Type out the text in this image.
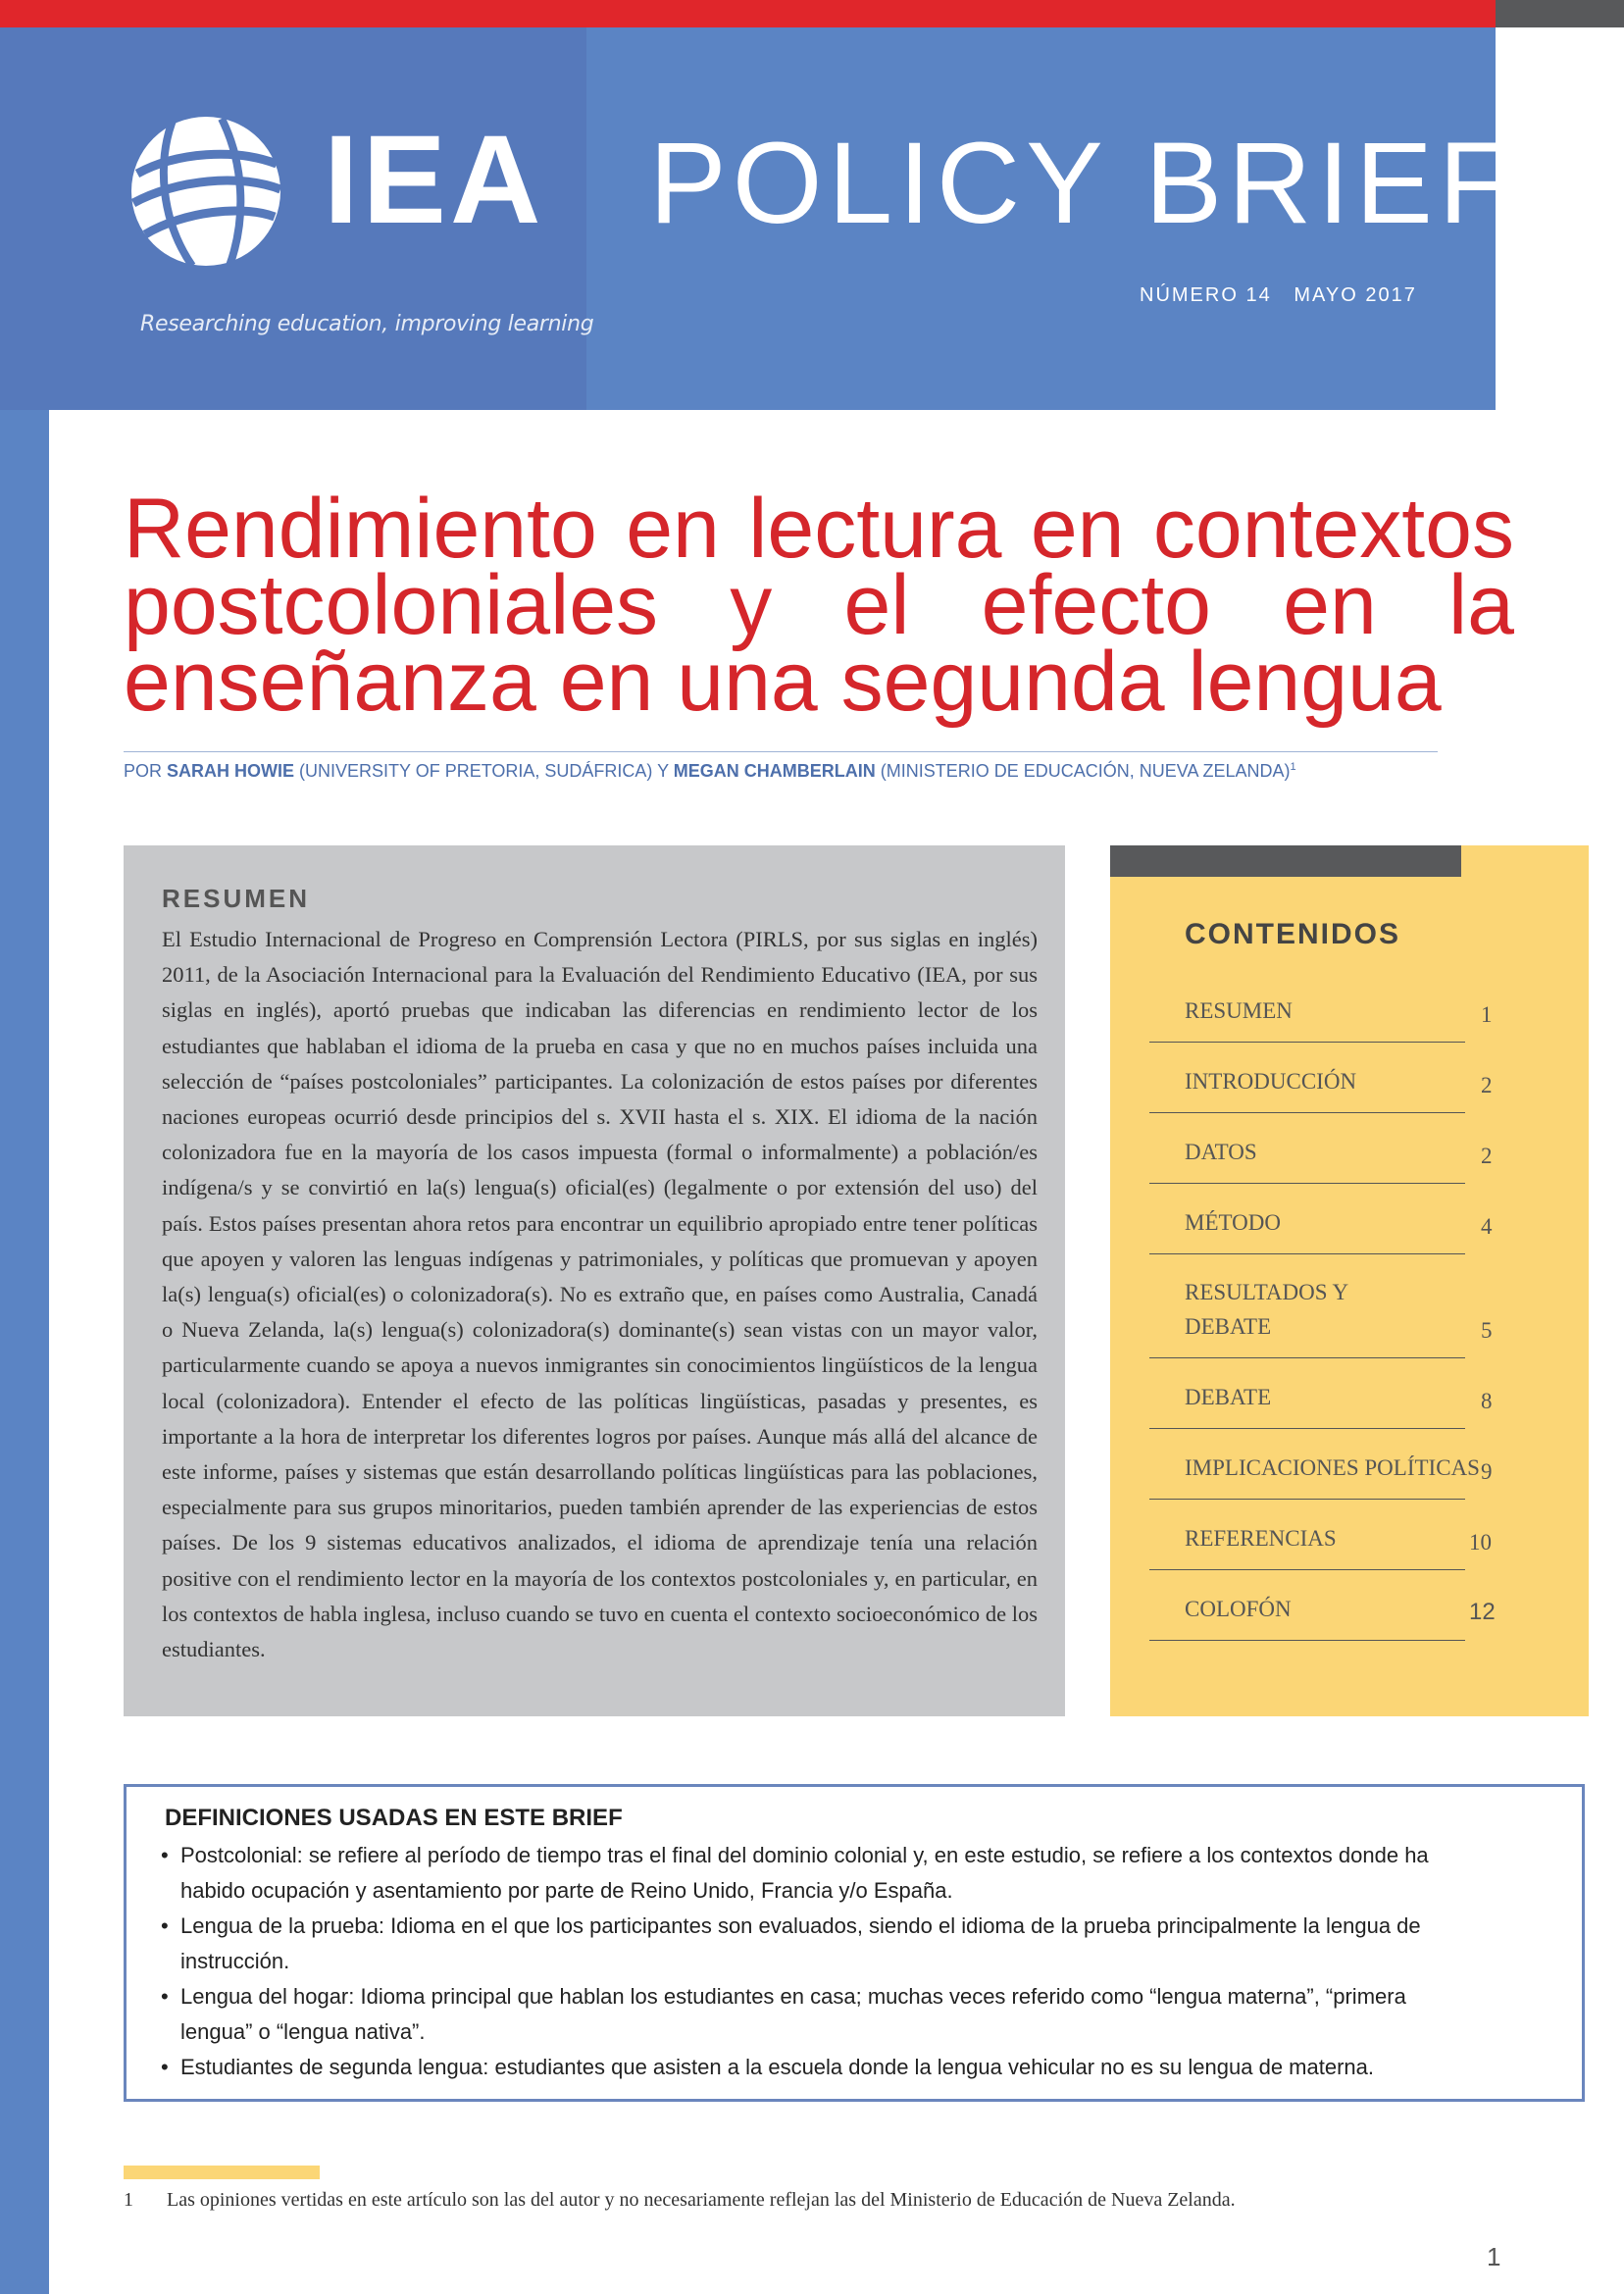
IEA
Researching education, improving learning
POLICY BRIEF
NÚMERO 14 MAYO 2017
Rendimiento en lectura en contextos
postcoloniales y el efecto en la
enseñanza en una segunda lengua
POR SARAH HOWIE (UNIVERSITY OF PRETORIA, SUDÁFRICA) Y MEGAN CHAMBERLAIN (MINISTERIO DE EDUCACIÓN, NUEVA ZELANDA)$^1$
RESUMEN
El Estudio Internacional de Progreso en Comprensión Lectora (PIRLS, por sus siglas en inglés) 2011, de la Asociación Internacional para la Evaluación del Rendimiento Educativo (IEA, por sus siglas en inglés), aportó pruebas que indicaban las diferencias en rendimiento lector de los estudiantes que hablaban el idioma de la prueba en casa y que no en muchos países incluida una selección de “países postcoloniales” participantes. La colonización de estos países por diferentes naciones europeas ocurrió desde principios del s. XVII hasta el s. XIX. El idioma de la nación colonizadora fue en la mayoría de los casos impuesta (formal o informalmente) a población/es indígena/s y se convirtió en la(s) lengua(s) oficial(es) (legalmente o por extensión del uso) del país. Estos países presentan ahora retos para encontrar un equilibrio apropiado entre tener políticas que apoyen y valoren las lenguas indígenas y patrimoniales, y políticas que promuevan y apoyen la(s) lengua(s) oficial(es) o colonizadora(s). No es extraño que, en países como Australia, Canadá o Nueva Zelanda, la(s) lengua(s) colonizadora(s) dominante(s) sean vistas con un mayor valor, particularmente cuando se apoya a nuevos inmigrantes sin conocimientos lingüísticos de la lengua local (colonizadora). Entender el efecto de las políticas lingüísticas, pasadas y presentes, es importante a la hora de interpretar los diferentes logros por países. Aunque más allá del alcance de este informe, países y sistemas que están desarrollando políticas lingüísticas para las poblaciones, especialmente para sus grupos minoritarios, pueden también aprender de las experiencias de estos países. De los 9 sistemas educativos analizados, el idioma de aprendizaje tenía una relación positive con el rendimiento lector en la mayoría de los contextos postcoloniales y, en particular, en los contextos de habla inglesa, incluso cuando se tuvo en cuenta el contexto socioeconómico de los estudiantes.
CONTENIDOS
RESUMEN	1
INTRODUCCIÓN	2
DATOS	2
MÉTODO	4
RESULTADOS Y
DEBATE	5
DEBATE	8
IMPLICACIONES POLÍTICAS 9
REFERENCIAS	10
COLOFÓN	12
DEFINICIONES USADAS EN ESTE BRIEF
• Postcolonial: se refiere al período de tiempo tras el final del dominio colonial y, en este estudio, se refiere a los contextos donde ha habido ocupación y asentamiento por parte de Reino Unido, Francia y/o España.
• Lengua de la prueba: Idioma en el que los participantes son evaluados, siendo el idioma de la prueba principalmente la lengua de instrucción.
• Lengua del hogar: Idioma principal que hablan los estudiantes en casa; muchas veces referido como “lengua materna”, “primera lengua” o “lengua nativa”.
• Estudiantes de segunda lengua: estudiantes que asisten a la escuela donde la lengua vehicular no es su lengua de materna.
1 Las opiniones vertidas en este artículo son las del autor y no necesariamente reflejan las del Ministerio de Educación de Nueva Zelanda.
1
